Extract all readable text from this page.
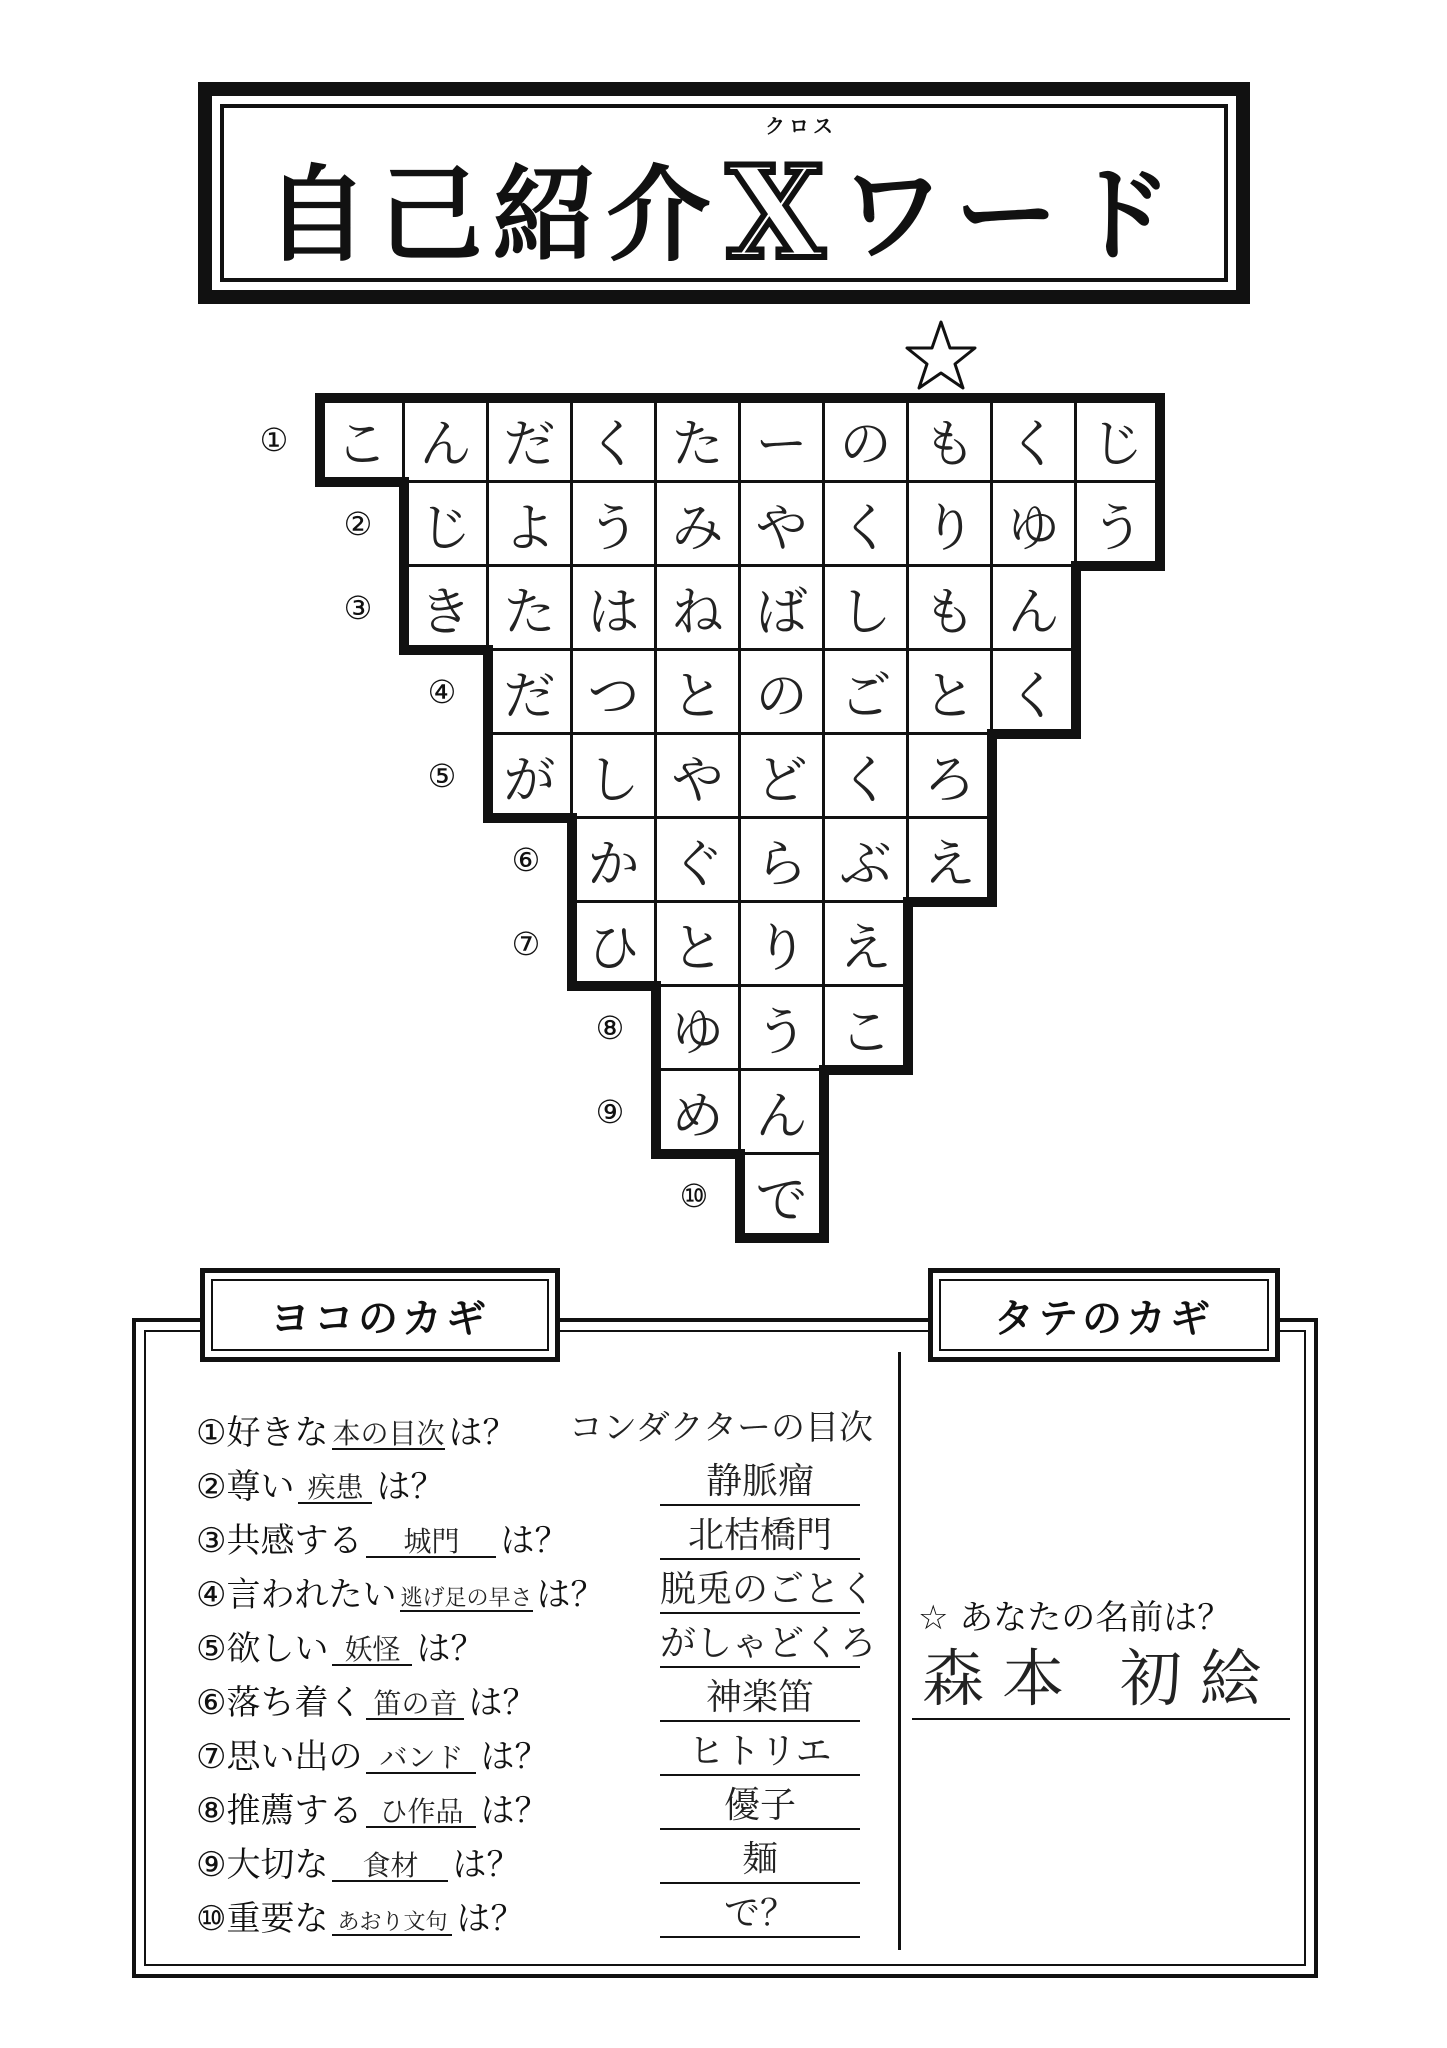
クロス
自己紹介Xワード
① こ ん だ く た ー の も く じ
② じ よ う み や く り ゆ う
③ き た は ね ば し も ん
④ だ つ と の ご と く
⑤ が し や ど く ろ
⑥ か ぐ ら ぶ え
⑦ ひ と り え
⑧ ゆ う こ
⑨ め ん
⑩ で
ヨコのカギ	タテのカギ
①好きな 本の目次 は？	コンダクターの目次
②尊い 疾患 は？	静脈瘤
③共感する	城門	は？	北桔橋門
④言われたい 逃げ足の早さ は？ 脱兎のごとく
⑤欲しい 妖怪 は？	がしゃどくろ
⑥落ち着く 笛の音 は？	神楽笛
⑦思い出の バンド は？	ヒトリエ
⑧推薦する ひ作品 は？	優子
⑨大切な	食材	は？	麺
⑩重要な あおり文句 は？	で？
☆ あなたの名前は？
森本 初絵
